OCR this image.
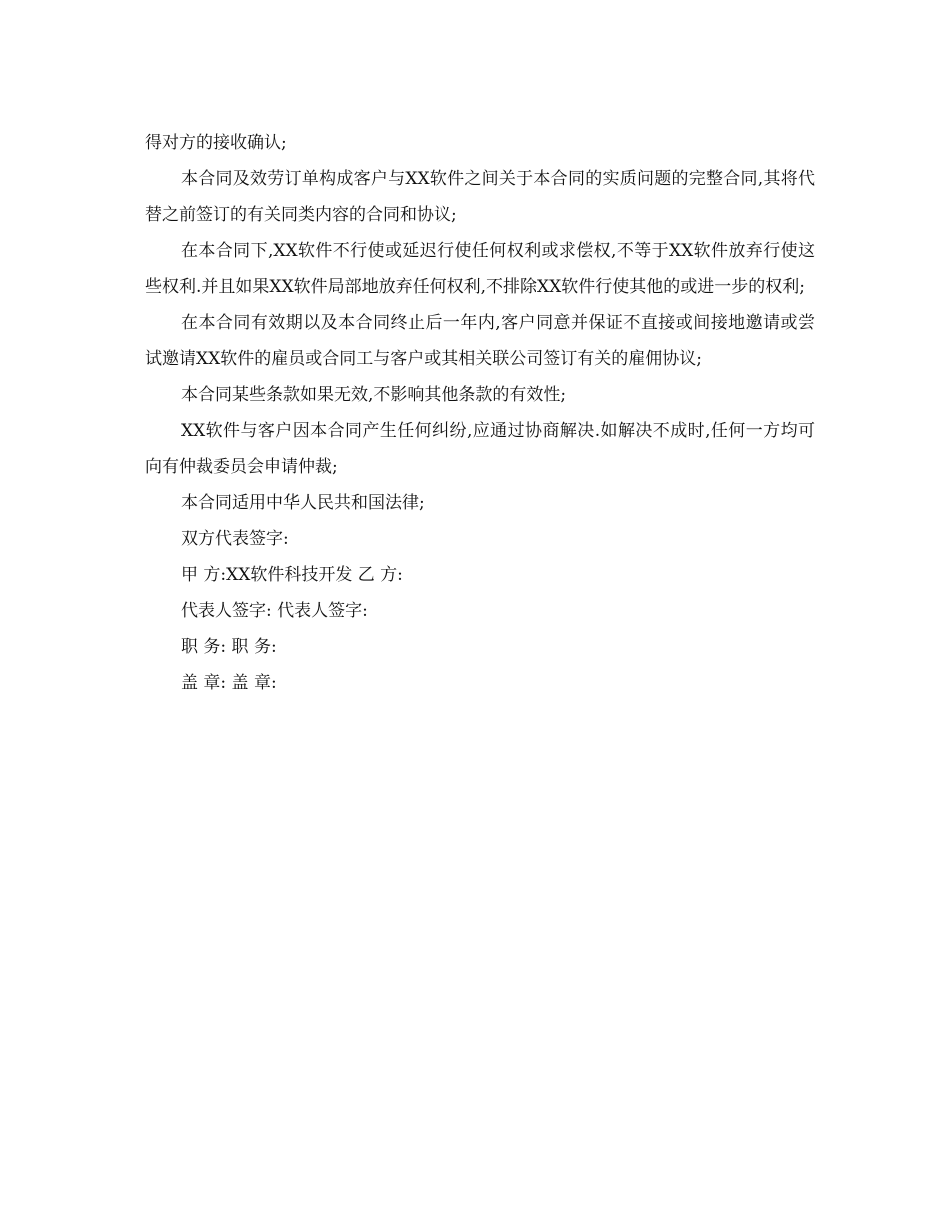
得对方的接收确认;

本合同及效劳订单构成客户与XX软件之间关于本合同的实质问题的完整合同,其将代替之前签订的有关同类内容的合同和协议;

在本合同下,XX软件不行使或延迟行使任何权利或求偿权,不等于XX软件放弃行使这些权利.并且如果XX软件局部地放弃任何权利,不排除XX软件行使其他的或进一步的权利;

在本合同有效期以及本合同终止后一年内,客户同意并保证不直接或间接地邀请或尝试邀请XX软件的雇员或合同工与客户或其相关联公司签订有关的雇佣协议;

本合同某些条款如果无效,不影响其他条款的有效性;

XX软件与客户因本合同产生任何纠纷,应通过协商解决.如解决不成时,任何一方均可向有仲裁委员会申请仲裁;

本合同适用中华人民共和国法律;

双方代表签字:

甲 方:XX软件科技开发 乙 方:

代表人签字: 代表人签字:

职 务: 职 务:

盖 章: 盖 章:
